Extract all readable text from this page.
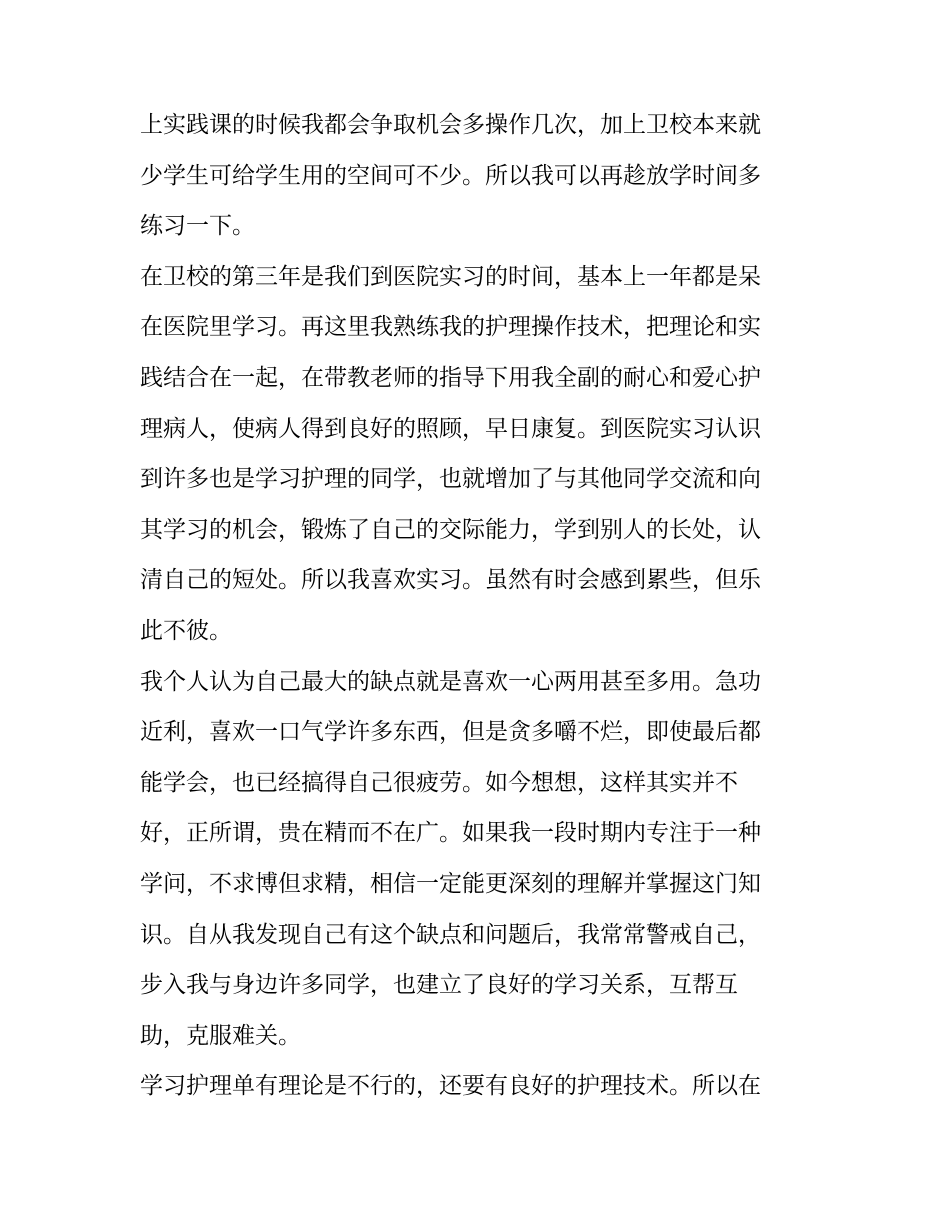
上实践课的时候我都会争取机会多操作几次，加上卫校本来就
少学生可给学生用的空间可不少。所以我可以再趁放学时间多
练习一下。
在卫校的第三年是我们到医院实习的时间，基本上一年都是呆
在医院里学习。再这里我熟练我的护理操作技术，把理论和实
践结合在一起，在带教老师的指导下用我全副的耐心和爱心护
理病人，使病人得到良好的照顾，早日康复。到医院实习认识
到许多也是学习护理的同学，也就增加了与其他同学交流和向
其学习的机会，锻炼了自己的交际能力，学到别人的长处，认
清自己的短处。所以我喜欢实习。虽然有时会感到累些，但乐
此不彼。
我个人认为自己最大的缺点就是喜欢一心两用甚至多用。急功
近利，喜欢一口气学许多东西，但是贪多嚼不烂，即使最后都
能学会，也已经搞得自己很疲劳。如今想想，这样其实并不
好，正所谓，贵在精而不在广。如果我一段时期内专注于一种
学问，不求博但求精，相信一定能更深刻的理解并掌握这门知
识。自从我发现自己有这个缺点和问题后，我常常警戒自己，
步入我与身边许多同学，也建立了良好的学习关系，互帮互
助，克服难关。
学习护理单有理论是不行的，还要有良好的护理技术。所以在
